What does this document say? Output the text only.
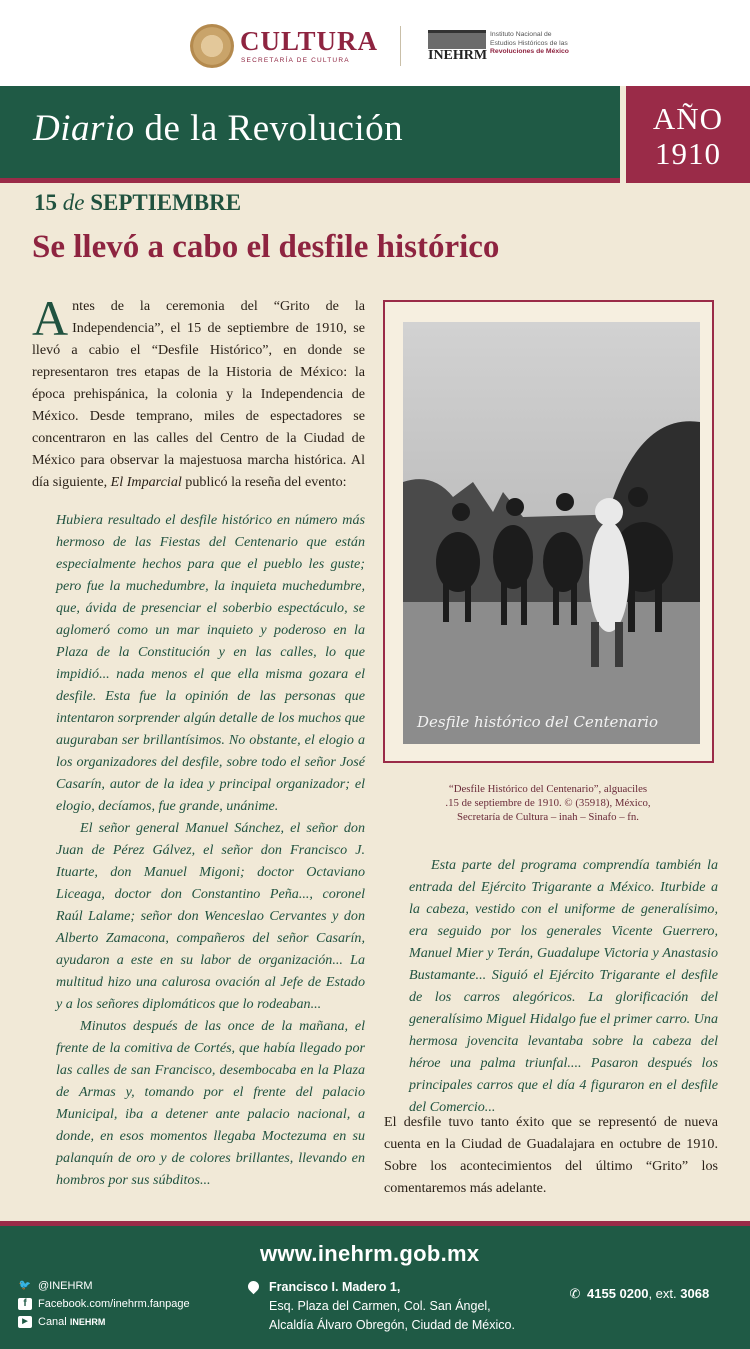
CULTURA
SECRETARÍA DE CULTURA	INEHRM
Instituto Nacional de
Estudios Históricos de las
Revoluciones de México
Diario de la Revolución	AÑO
1910
15 de SEPTIEMBRE
Se llevó a cabo el desfile histórico

Antes de la ceremonia del “Grito de la Independencia”, el 15 de septiembre de 1910, se llevó a cabio el “Desfile Histórico”, en donde se representaron tres etapas de la Historia de México: la época prehispánica, la colonia y la Independencia de México. Desde temprano, miles de espectadores se concentraron en las calles del Centro de la Ciudad de México para observar la majestuosa marcha histórica. Al día siguiente, El Imparcial publicó la reseña del evento:

Hubiera resultado el desfile histórico en número más hermoso de las Fiestas del Centenario que están especialmente hechos para que el pueblo les guste; pero fue la muchedumbre, la inquieta muchedumbre, que, ávida de presenciar el soberbio espectáculo, se aglomeró como un mar inquieto y poderoso en la Plaza de la Constitución y en las calles, lo que impidió... nada menos el que ella misma gozara el desfile. Esta fue la opinión de las personas que intentaron sorprender algún detalle de los muchos que auguraban ser brillantísimos. No obstante, el elogio a los organizadores del desfile, sobre todo el señor José Casarín, autor de la idea y principal organizador; el elogio, decíamos, fue grande, unánime.

El señor general Manuel Sánchez, el señor don Juan de Pérez Gálvez, el señor don Francisco J. Ituarte, don Manuel Migoni; doctor Octaviano Liceaga, doctor don Constantino Peña..., coronel Raúl Lalame; señor don Wenceslao Cervantes y don Alberto Zamacona, compañeros del señor Casarín, ayudaron a este en su labor de organización... La multitud hizo una calurosa ovación al Jefe de Estado y a los señores diplomáticos que lo rodeaban...

Minutos después de las once de la mañana, el frente de la comitiva de Cortés, que había llegado por las calles de san Francisco, desembocaba en la Plaza de Armas y, tomando por el frente del palacio Municipal, iba a detener ante palacio nacional, a donde, en esos momentos llegaba Moctezuma en su palanquín de oro y de colores brillantes, llevando en hombros por sus súbditos...

Desfile histórico del Centenario
“Desfile Histórico del Centenario”, alguaciles
.15 de septiembre de 1910. © (35918), México,
Secretaría de Cultura – inah – Sinafo – fn.

Esta parte del programa comprendía también la entrada del Ejército Trigarante a México. Iturbide a la cabeza, vestido con el uniforme de generalísimo, era seguido por los generales Vicente Guerrero, Manuel Mier y Terán, Guadalupe Victoria y Anastasio Bustamante... Siguió el Ejército Trigarante el desfile de los carros alegóricos. La glorificación del generalísimo Miguel Hidalgo fue el primer carro. Una hermosa jovencita levantaba sobre la cabeza del héroe una palma triunfal.... Pasaron después los principales carros que el día 4 figuraron en el desfile del Comercio...

El desfile tuvo tanto éxito que se representó de nueva cuenta en la Ciudad de Guadalajara en octubre de 1910. Sobre los acontecimientos del último “Grito” los comentaremos más adelante.

www.inehrm.gob.mx
🐦 @INEHRM
f	Facebook.com/inehrm.fanpage
▶ Canal
INEHRM
Francisco I. Madero 1,
Esq. Plaza del Carmen, Col. San Ángel,
Alcaldía Álvaro Obregón, Ciudad de México.
✆ 4155 0200, ext. 3068
